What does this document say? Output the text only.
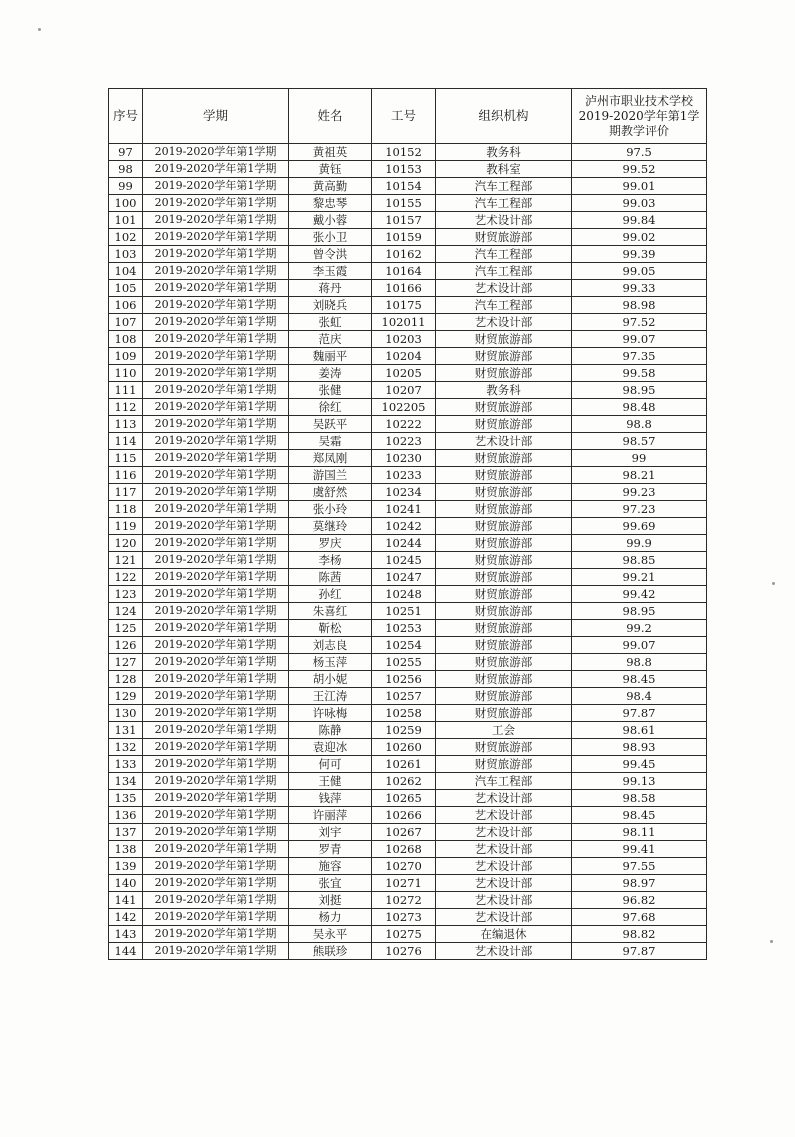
序号	学期	姓名	工号	组织机构	泸州市职业技术学校2019-2020学年第1学期教学评价
97	2019-2020学年第1学期	黄祖英	10152	教务科	97.5
98	2019-2020学年第1学期	黄钰	10153	教科室	99.52
99	2019-2020学年第1学期	黄高勤	10154	汽车工程部	99.01
100	2019-2020学年第1学期	黎忠琴	10155	汽车工程部	99.03
101	2019-2020学年第1学期	戴小蓉	10157	艺术设计部	99.84
102	2019-2020学年第1学期	张小卫	10159	财贸旅游部	99.02
103	2019-2020学年第1学期	曾令洪	10162	汽车工程部	99.39
104	2019-2020学年第1学期	李玉霞	10164	汽车工程部	99.05
105	2019-2020学年第1学期	蒋丹	10166	艺术设计部	99.33
106	2019-2020学年第1学期	刘晓兵	10175	汽车工程部	98.98
107	2019-2020学年第1学期	张虹	102011	艺术设计部	97.52
108	2019-2020学年第1学期	范庆	10203	财贸旅游部	99.07
109	2019-2020学年第1学期	魏丽平	10204	财贸旅游部	97.35
110	2019-2020学年第1学期	姜涛	10205	财贸旅游部	99.58
111	2019-2020学年第1学期	张健	10207	教务科	98.95
112	2019-2020学年第1学期	徐红	102205	财贸旅游部	98.48
113	2019-2020学年第1学期	吴跃平	10222	财贸旅游部	98.8
114	2019-2020学年第1学期	吴霜	10223	艺术设计部	98.57
115	2019-2020学年第1学期	郑凤刚	10230	财贸旅游部	99
116	2019-2020学年第1学期	游国兰	10233	财贸旅游部	98.21
117	2019-2020学年第1学期	虞舒然	10234	财贸旅游部	99.23
118	2019-2020学年第1学期	张小玲	10241	财贸旅游部	97.23
119	2019-2020学年第1学期	莫继玲	10242	财贸旅游部	99.69
120	2019-2020学年第1学期	罗庆	10244	财贸旅游部	99.9
121	2019-2020学年第1学期	李杨	10245	财贸旅游部	98.85
122	2019-2020学年第1学期	陈茜	10247	财贸旅游部	99.21
123	2019-2020学年第1学期	孙红	10248	财贸旅游部	99.42
124	2019-2020学年第1学期	朱喜红	10251	财贸旅游部	98.95
125	2019-2020学年第1学期	靳松	10253	财贸旅游部	99.2
126	2019-2020学年第1学期	刘志良	10254	财贸旅游部	99.07
127	2019-2020学年第1学期	杨玉萍	10255	财贸旅游部	98.8
128	2019-2020学年第1学期	胡小妮	10256	财贸旅游部	98.45
129	2019-2020学年第1学期	王江涛	10257	财贸旅游部	98.4
130	2019-2020学年第1学期	许咏梅	10258	财贸旅游部	97.87
131	2019-2020学年第1学期	陈静	10259	工会	98.61
132	2019-2020学年第1学期	袁迎冰	10260	财贸旅游部	98.93
133	2019-2020学年第1学期	何可	10261	财贸旅游部	99.45
134	2019-2020学年第1学期	王健	10262	汽车工程部	99.13
135	2019-2020学年第1学期	钱萍	10265	艺术设计部	98.58
136	2019-2020学年第1学期	许丽萍	10266	艺术设计部	98.45
137	2019-2020学年第1学期	刘宇	10267	艺术设计部	98.11
138	2019-2020学年第1学期	罗青	10268	艺术设计部	99.41
139	2019-2020学年第1学期	施容	10270	艺术设计部	97.55
140	2019-2020学年第1学期	张宜	10271	艺术设计部	98.97
141	2019-2020学年第1学期	刘挺	10272	艺术设计部	96.82
142	2019-2020学年第1学期	杨力	10273	艺术设计部	97.68
143	2019-2020学年第1学期	吴永平	10275	在编退休	98.82
144	2019-2020学年第1学期	熊联珍	10276	艺术设计部	97.87
